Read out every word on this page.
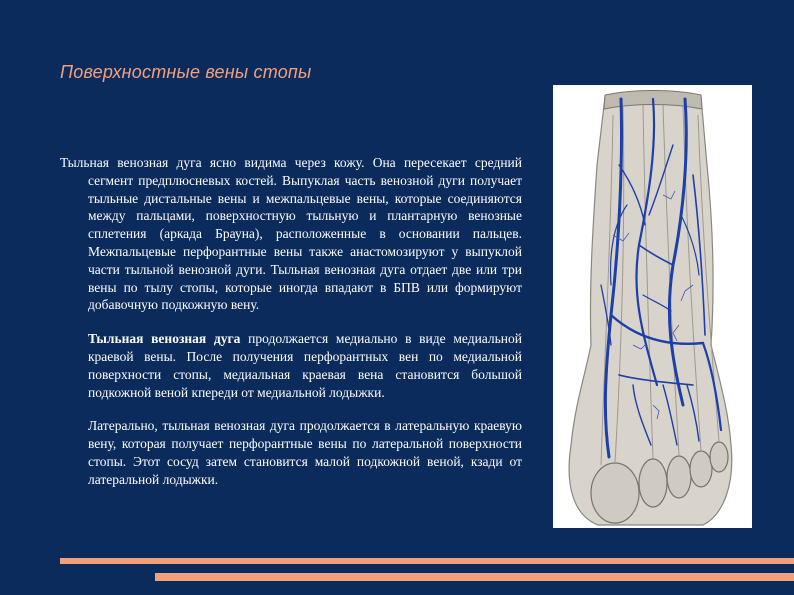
Поверхностные вены стопы

Тыльная венозная дуга ясно видима через кожу. Она пересекает средний сегмент предплюсневых костей. Выпуклая часть венозной дуги получает тыльные дистальные вены и межпальцевые вены, которые соединяются между пальцами, поверхностную тыльную и плантарную венозные сплетения (аркада Брауна), расположенные в основании пальцев. Межпальцевые перфорантные вены также анастомозируют у выпуклой части тыльной венозной дуги. Тыльная венозная дуга отдает две или три вены по тылу стопы, которые иногда впадают в БПВ или формируют добавочную подкожную вену.

Тыльная венозная дуга продолжается медиально в виде медиальной краевой вены. После получения перфорантных вен по медиальной поверхности стопы, медиальная краевая вена становится большой подкожной веной кпереди от медиальной лодыжки.

Латерально, тыльная венозная дуга продолжается в латеральную краевую вену, которая получает перфорантные вены по латеральной поверхности стопы. Этот сосуд затем становится малой подкожной веной, кзади от латеральной лодыжки.
